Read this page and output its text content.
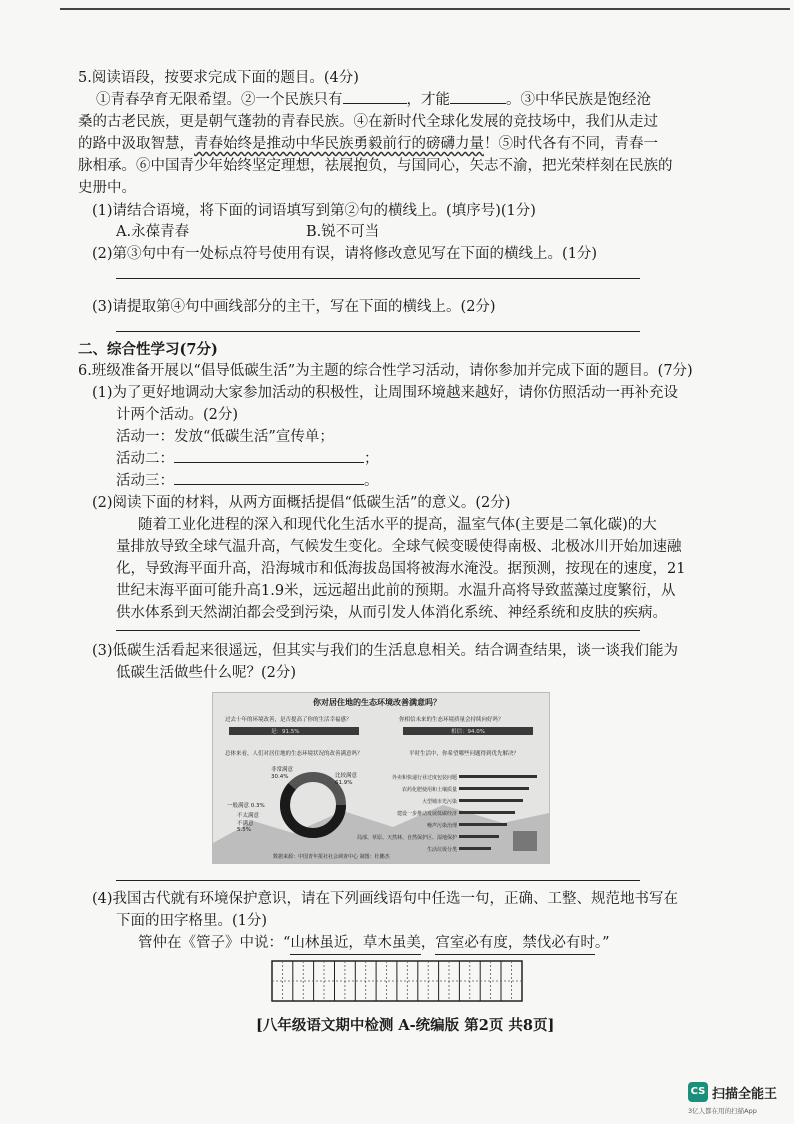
5.阅读语段，按要求完成下面的题目。(4分)
①青春孕育无限希望。②一个民族只有	，才能	。③中华民族是饱经沧
桑的古老民族，更是朝气蓬勃的青春民族。④在新时代全球化发展的竞技场中，我们从走过
的路中汲取智慧，青春始终是推动中华民族勇毅前行的磅礴力量！⑤时代各有不同，青春一
脉相承。⑥中国青少年始终坚定理想，祛展抱负，与国同心，矢志不渝，把光荣样刻在民族的
史册中。
(1)请结合语境，将下面的词语填写到第②句的横线上。(填序号)(1分)
A.永葆青春	B.锐不可当
(2)第③句中有一处标点符号使用有误，请将修改意见写在下面的横线上。(1分)
(3)请提取第④句中画线部分的主干，写在下面的横线上。(2分)
二、综合性学习(7分)
6.班级准备开展以“倡导低碳生活”为主题的综合性学习活动，请你参加并完成下面的题目。(7分)
(1)为了更好地调动大家参加活动的积极性，让周围环境越来越好，请你仿照活动一再补充设
计两个活动。(2分)
活动一：发放“低碳生活”宣传单；
活动二：	；
活动三：	。
(2)阅读下面的材料，从两方面概括提倡“低碳生活”的意义。(2分)
随着工业化进程的深入和现代化生活水平的提高，温室气体(主要是二氧化碳)的大
量排放导致全球气温升高，气候发生变化。全球气候变暖使得南极、北极冰川开始加速融
化，导致海平面升高，沿海城市和低海拔岛国将被海水淹没。据预测，按现在的速度，21
世纪末海平面可能升高1.9米，远远超出此前的预期。水温升高将导致蓝藻过度繁衍，从
供水体系到天然湖泊都会受到污染，从而引发人体消化系统、神经系统和皮肤的疾病。
(3)低碳生活看起来很遥远，但其实与我们的生活息息相关。结合调查结果，谈一谈我们能为
低碳生活做些什么呢？(2分)
你对居住地的生态环境改善满意吗？
过去十年的环境改善，是否提高了你的生活幸福感？
是：91.5%
你相信未来的生态环境质量会持续向好吗？
相信：94.0%
总体来看，人们对居住地的生态环境状况的改善满意吗？	平时生活中，你希望哪些问题得到优先解决？
非常满意
30.4%	比较满意
61.9%
一般满意 0.3%
不太满意
不满意
5.5%
外卖和快递行业过度包装问题
农药化肥使用和土壤质量
大型城市光污染
建设一步推动发展低碳经济
噪声污染治理
局部、草原、天然林、自然保护区、湿地保护
生活垃圾分类
数据来源：中国青年报社社会调查中心 制图：杜鹏杰
(4)我国古代就有环境保护意识，请在下列画线语句中任选一句，正确、工整、规范地书写在
下面的田字格里。(1分)
管仲在《管子》中说：“山林虽近，草木虽美，宫室必有度，禁伐必有时。”
[八年级语文期中检测 A-统编版 第2页 共8页]
CS 扫描全能王
3亿人都在用的扫描App
